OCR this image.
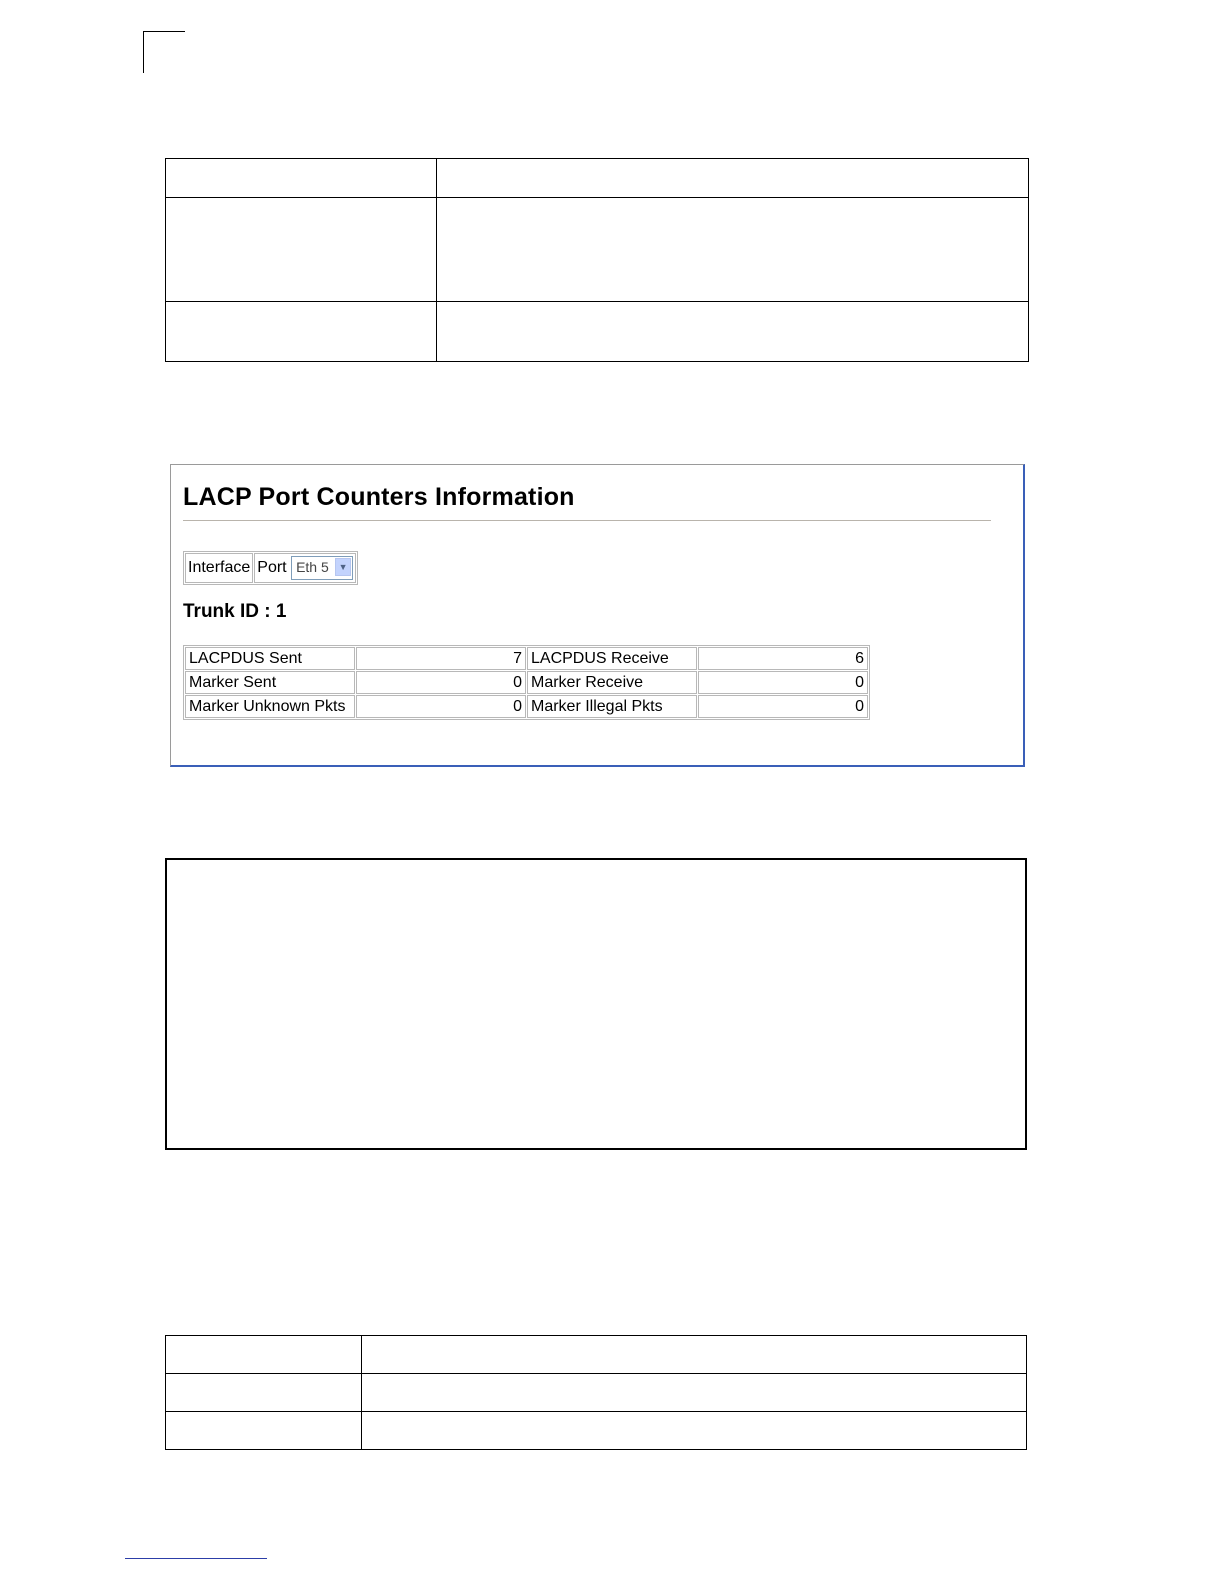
LACP Port Counters Information
Interface	Port Eth 5	▼
Trunk ID : 1
LACPDUS Sent	7	LACPDUS Receive	6
Marker Sent	0	Marker Receive	0
Marker Unknown Pkts	0	Marker Illegal Pkts	0
